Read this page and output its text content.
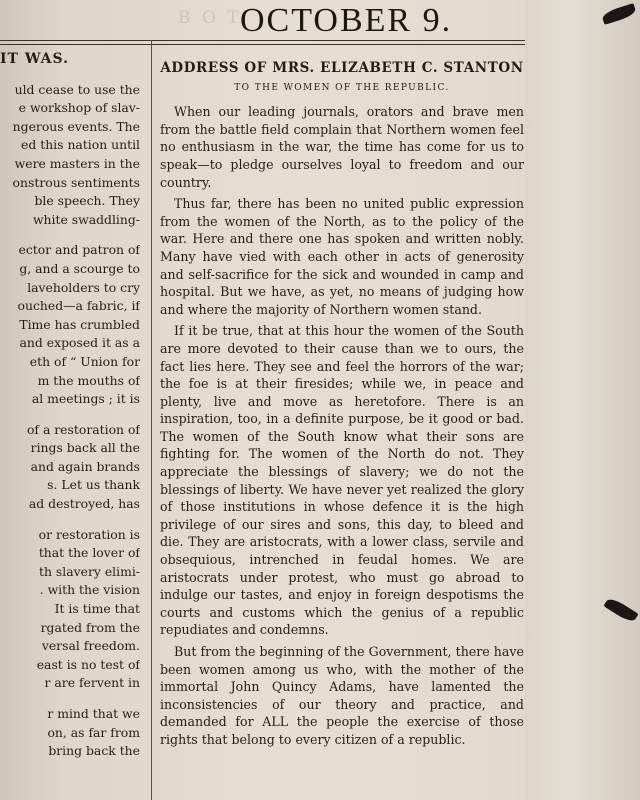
B O T
OCTOBER 9.
IT WAS.
uld cease to use the
e workshop of slav-
ngerous events. The
ed this nation until
were masters in the
onstrous sentiments
ble speech. They
white swaddling-
ector and patron of
g, and a scourge to
laveholders to cry
ouched—a fabric, if
Time has crumbled
and exposed it as a
eth of “ Union for
m the mouths of
al meetings ; it is
of a restoration of
rings back all the
and again brands
s. Let us thank
ad destroyed, has
or restoration is
that the lover of
th slavery elimi-
. with the vision
It is time that
rgated from the
versal freedom.
east is no test of
r are fervent in
r mind that we
on, as far from
bring back the
ADDRESS OF MRS. ELIZABETH C. STANTON
TO THE WOMEN OF THE REPUBLIC.

When our leading journals, orators and brave men from the battle field complain that Northern women feel no enthusiasm in the war, the time has come for us to speak—to pledge ourselves loyal to freedom and our country.

Thus far, there has been no united public expression from the women of the North, as to the policy of the war. Here and there one has spoken and written nobly. Many have vied with each other in acts of generosity and self-sacrifice for the sick and wounded in camp and hospital. But we have, as yet, no means of judging how and where the majority of Northern women stand.

If it be true, that at this hour the women of the South are more devoted to their cause than we to ours, the fact lies here. They see and feel the horrors of the war; the foe is at their firesides; while we, in peace and plenty, live and move as heretofore. There is an inspiration, too, in a definite purpose, be it good or bad. The women of the South know what their sons are fighting for. The women of the North do not. They appreciate the blessings of slavery; we do not the blessings of liberty. We have never yet realized the glory of those institutions in whose defence it is the high privilege of our sires and sons, this day, to bleed and die. They are aristocrats, with a lower class, servile and obsequious, intrenched in feudal homes. We are aristocrats under protest, who must go abroad to indulge our tastes, and enjoy in foreign despotisms the courts and customs which the genius of a republic repudiates and condemns.

But from the beginning of the Government, there have been women among us who, with the mother of the immortal John Quincy Adams, have lamented the inconsistencies of our theory and practice, and demanded for ALL the people the exercise of those rights that belong to every citizen of a republic.
